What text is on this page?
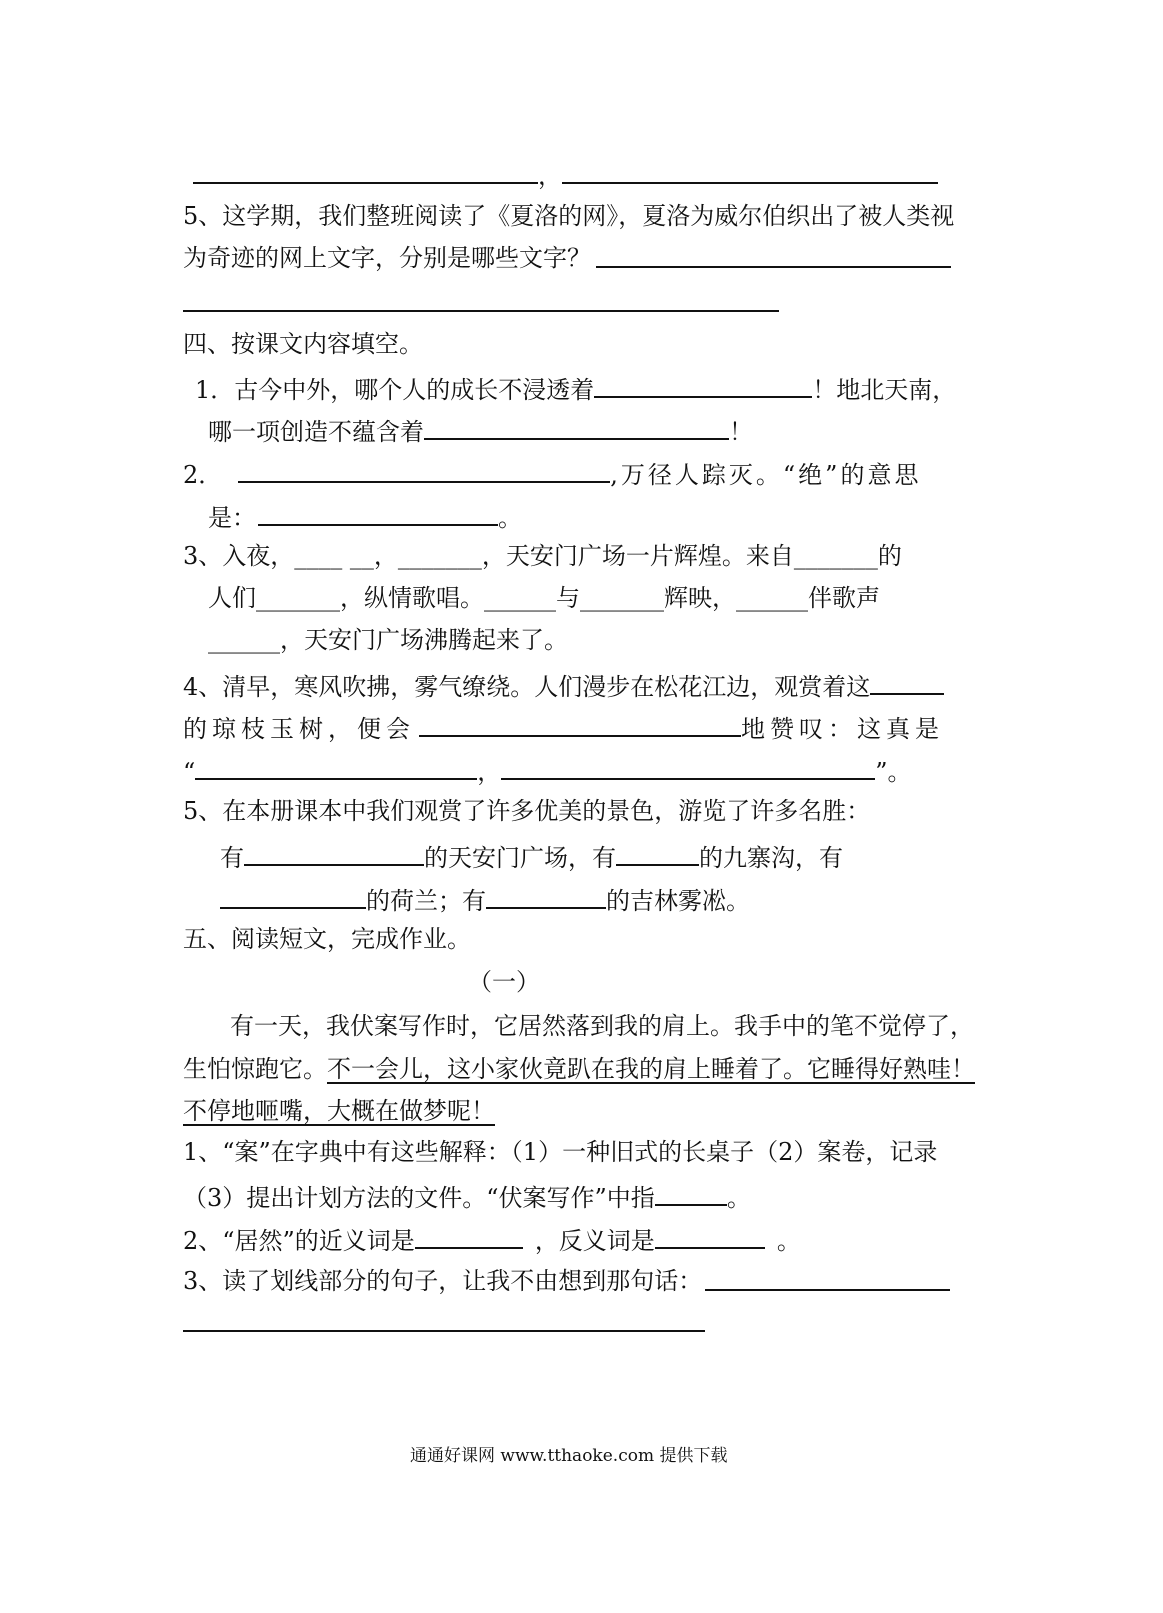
，
5、这学期，我们整班阅读了《夏洛的网》，夏洛为威尔伯织出了被人类视
为奇迹的网上文字，分别是哪些文字？
四、按课文内容填空。
1．古今中外，哪个人的成长不浸透着	！地北天南，
哪一项创造不蕴含着	！
2．	,万径人踪灭。“绝”的意思
是：	。
3、入夜，____ __，_______，天安门广场一片辉煌。来自_______的
人们_______，纵情歌唱。______与_______辉映，______伴歌声
______，天安门广场沸腾起来了。
4、清早，寒风吹拂，雾气缭绕。人们漫步在松花江边，观赏着这
的琼枝玉树，便会	地赞叹：这真是
“	，	”。
5、在本册课本中我们观赏了许多优美的景色，游览了许多名胜：
有	的天安门广场，有	的九寨沟，有
的荷兰；有	的吉林雾凇。
五、阅读短文，完成作业。
（一）
有一天，我伏案写作时，它居然落到我的肩上。我手中的笔不觉停了，
生怕惊跑它。不一会儿，这小家伙竟趴在我的肩上睡着了。它睡得好熟哇！
不停地咂嘴，大概在做梦呢！
1、“案”在字典中有这些解释：（1）一种旧式的长桌子（2）案卷，记录
（3）提出计划方法的文件。“伏案写作”中指	。
2、“居然”的近义词是	，反义词是	。
3、读了划线部分的句子，让我不由想到那句话：
通通好课网 www.tthaoke.com 提供下载
